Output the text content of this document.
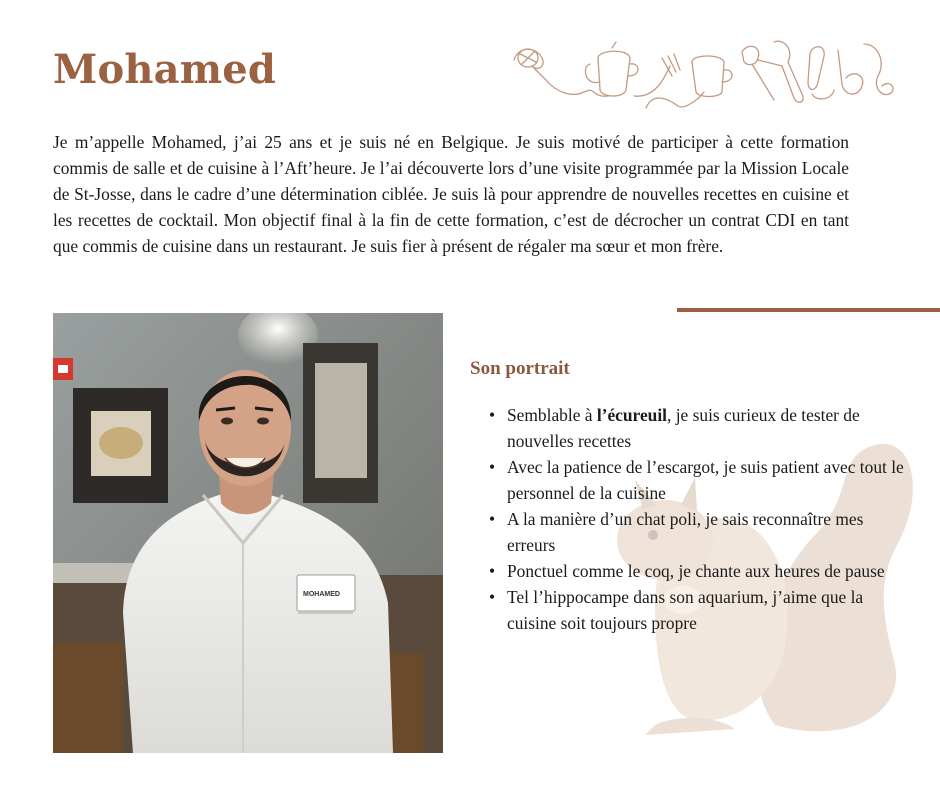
Mohamed

Je m’appelle Mohamed, j’ai 25 ans et je suis né en Belgique. Je suis motivé de participer à cette formation commis de salle et de cuisine à l’Aft’heure. Je l’ai découverte lors d’une visite programmée par la Mission Locale de St-Josse, dans le cadre d’une détermination ciblée. Je suis là pour apprendre de nouvelles recettes en cuisine et les recettes de cocktail. Mon objectif final à la fin de cette formation, c’est de décrocher un contrat CDI en tant que commis de cuisine dans un restaurant. Je suis fier à présent de régaler ma sœur et mon frère.

MOHAMED
Son portrait
• Semblable à l’écureuil, je suis curieux de tester de nouvelles recettes
• Avec la patience de l’escargot, je suis patient avec tout le personnel de la cuisine
• A la manière d’un chat poli, je sais reconnaître mes erreurs
• Ponctuel comme le coq, je chante aux heures de pause
• Tel l’hippocampe dans son aquarium, j’aime que la cuisine soit toujours propre
